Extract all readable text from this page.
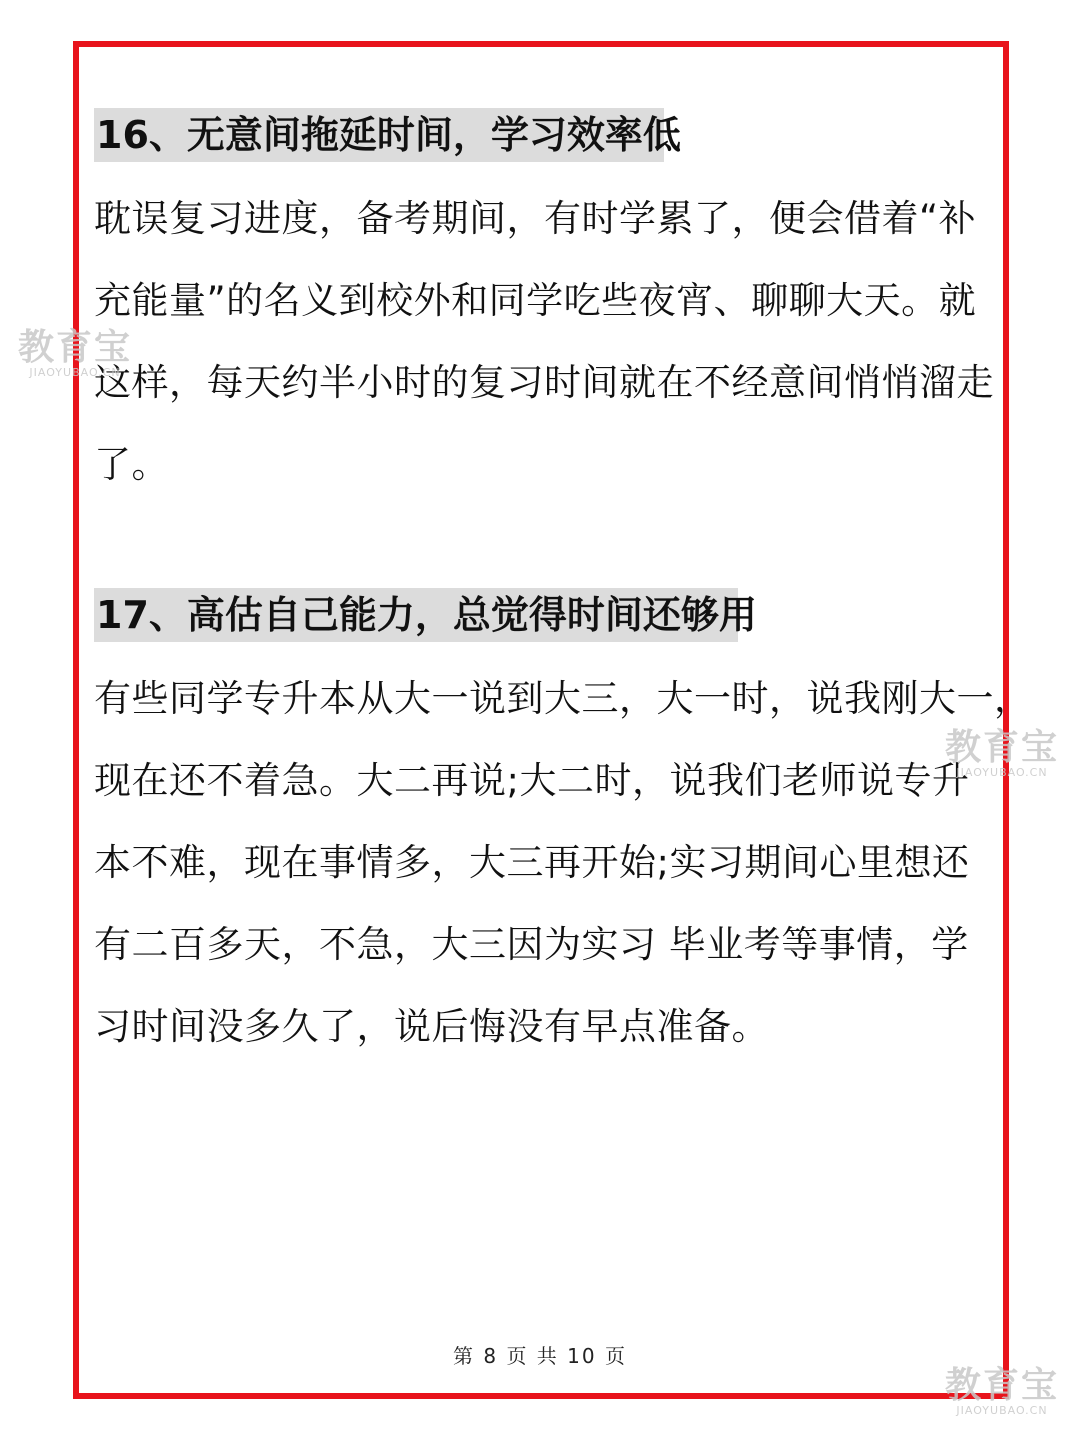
16、无意间拖延时间，学习效率低

耽误复习进度，备考期间，有时学累了，便会借着“补
充能量”的名义到校外和同学吃些夜宵、聊聊大天。就
这样，每天约半小时的复习时间就在不经意间悄悄溜走
了。

17、高估自己能力，总觉得时间还够用

有些同学专升本从大一说到大三，大一时，说我刚大一，
现在还不着急。大二再说;大二时，说我们老师说专升
本不难，现在事情多，大三再开始;实习期间心里想还
有二百多天，不急，大三因为实习 毕业考等事情，学
习时间没多久了，说后悔没有早点准备。

第 8 页 共 10 页
教育宝
JIAOYUBAO.CN
教育宝
JIAOYUBAO.CN
教育宝
JIAOYUBAO.CN
